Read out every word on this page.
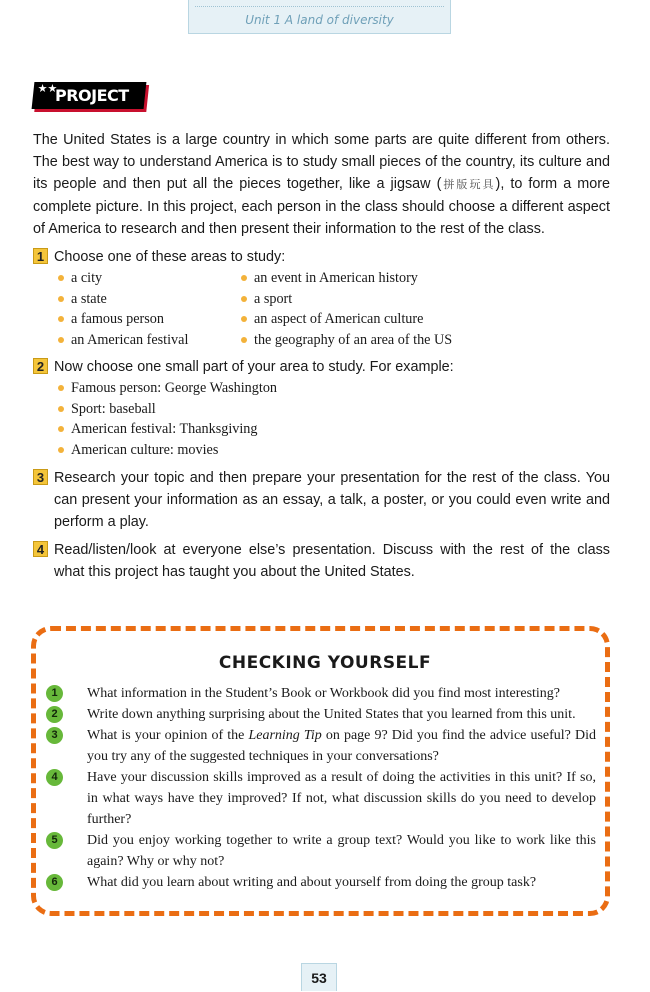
Unit 1 A land of diversity
★★
PROJECT

The United States is a large country in which some parts are quite different from others. The best way to understand America is to study small pieces of the country, its culture and its people and then put all the pieces together, like a jigsaw (拼版玩具), to form a more complete picture. In this project, each person in the class should choose a different aspect of America to research and then present their information to the rest of the class.

1 Choose one of these areas to study:
a city
a state
a famous person
an American festival
an event in American history
a sport
an aspect of American culture
the geography of an area of the US
2 Now choose one small part of your area to study. For example:
Famous person: George Washington
Sport: baseball
American festival: Thanksgiving
American culture: movies
3 Research your topic and then prepare your presentation for the rest of the class. You can present your information as an essay, a talk, a poster, or you could even write and perform a play.
4 Read/listen/look at everyone else’s presentation. Discuss with the rest of the class what this project has taught you about the United States.
CHECKING YOURSELF
1	What information in the Student’s Book or Workbook did you find most interesting?
2	Write down anything surprising about the United States that you learned from this unit.
3	What is your opinion of the Learning Tip on page 9? Did you find the advice useful? Did you try any of the suggested techniques in your conversations?
4	Have your discussion skills improved as a result of doing the activities in this unit? If so, in what ways have they improved? If not, what discussion skills do you need to develop further?
5	Did you enjoy working together to write a group text? Would you like to work like this again? Why or why not?
6	What did you learn about writing and about yourself from doing the group task?
53
